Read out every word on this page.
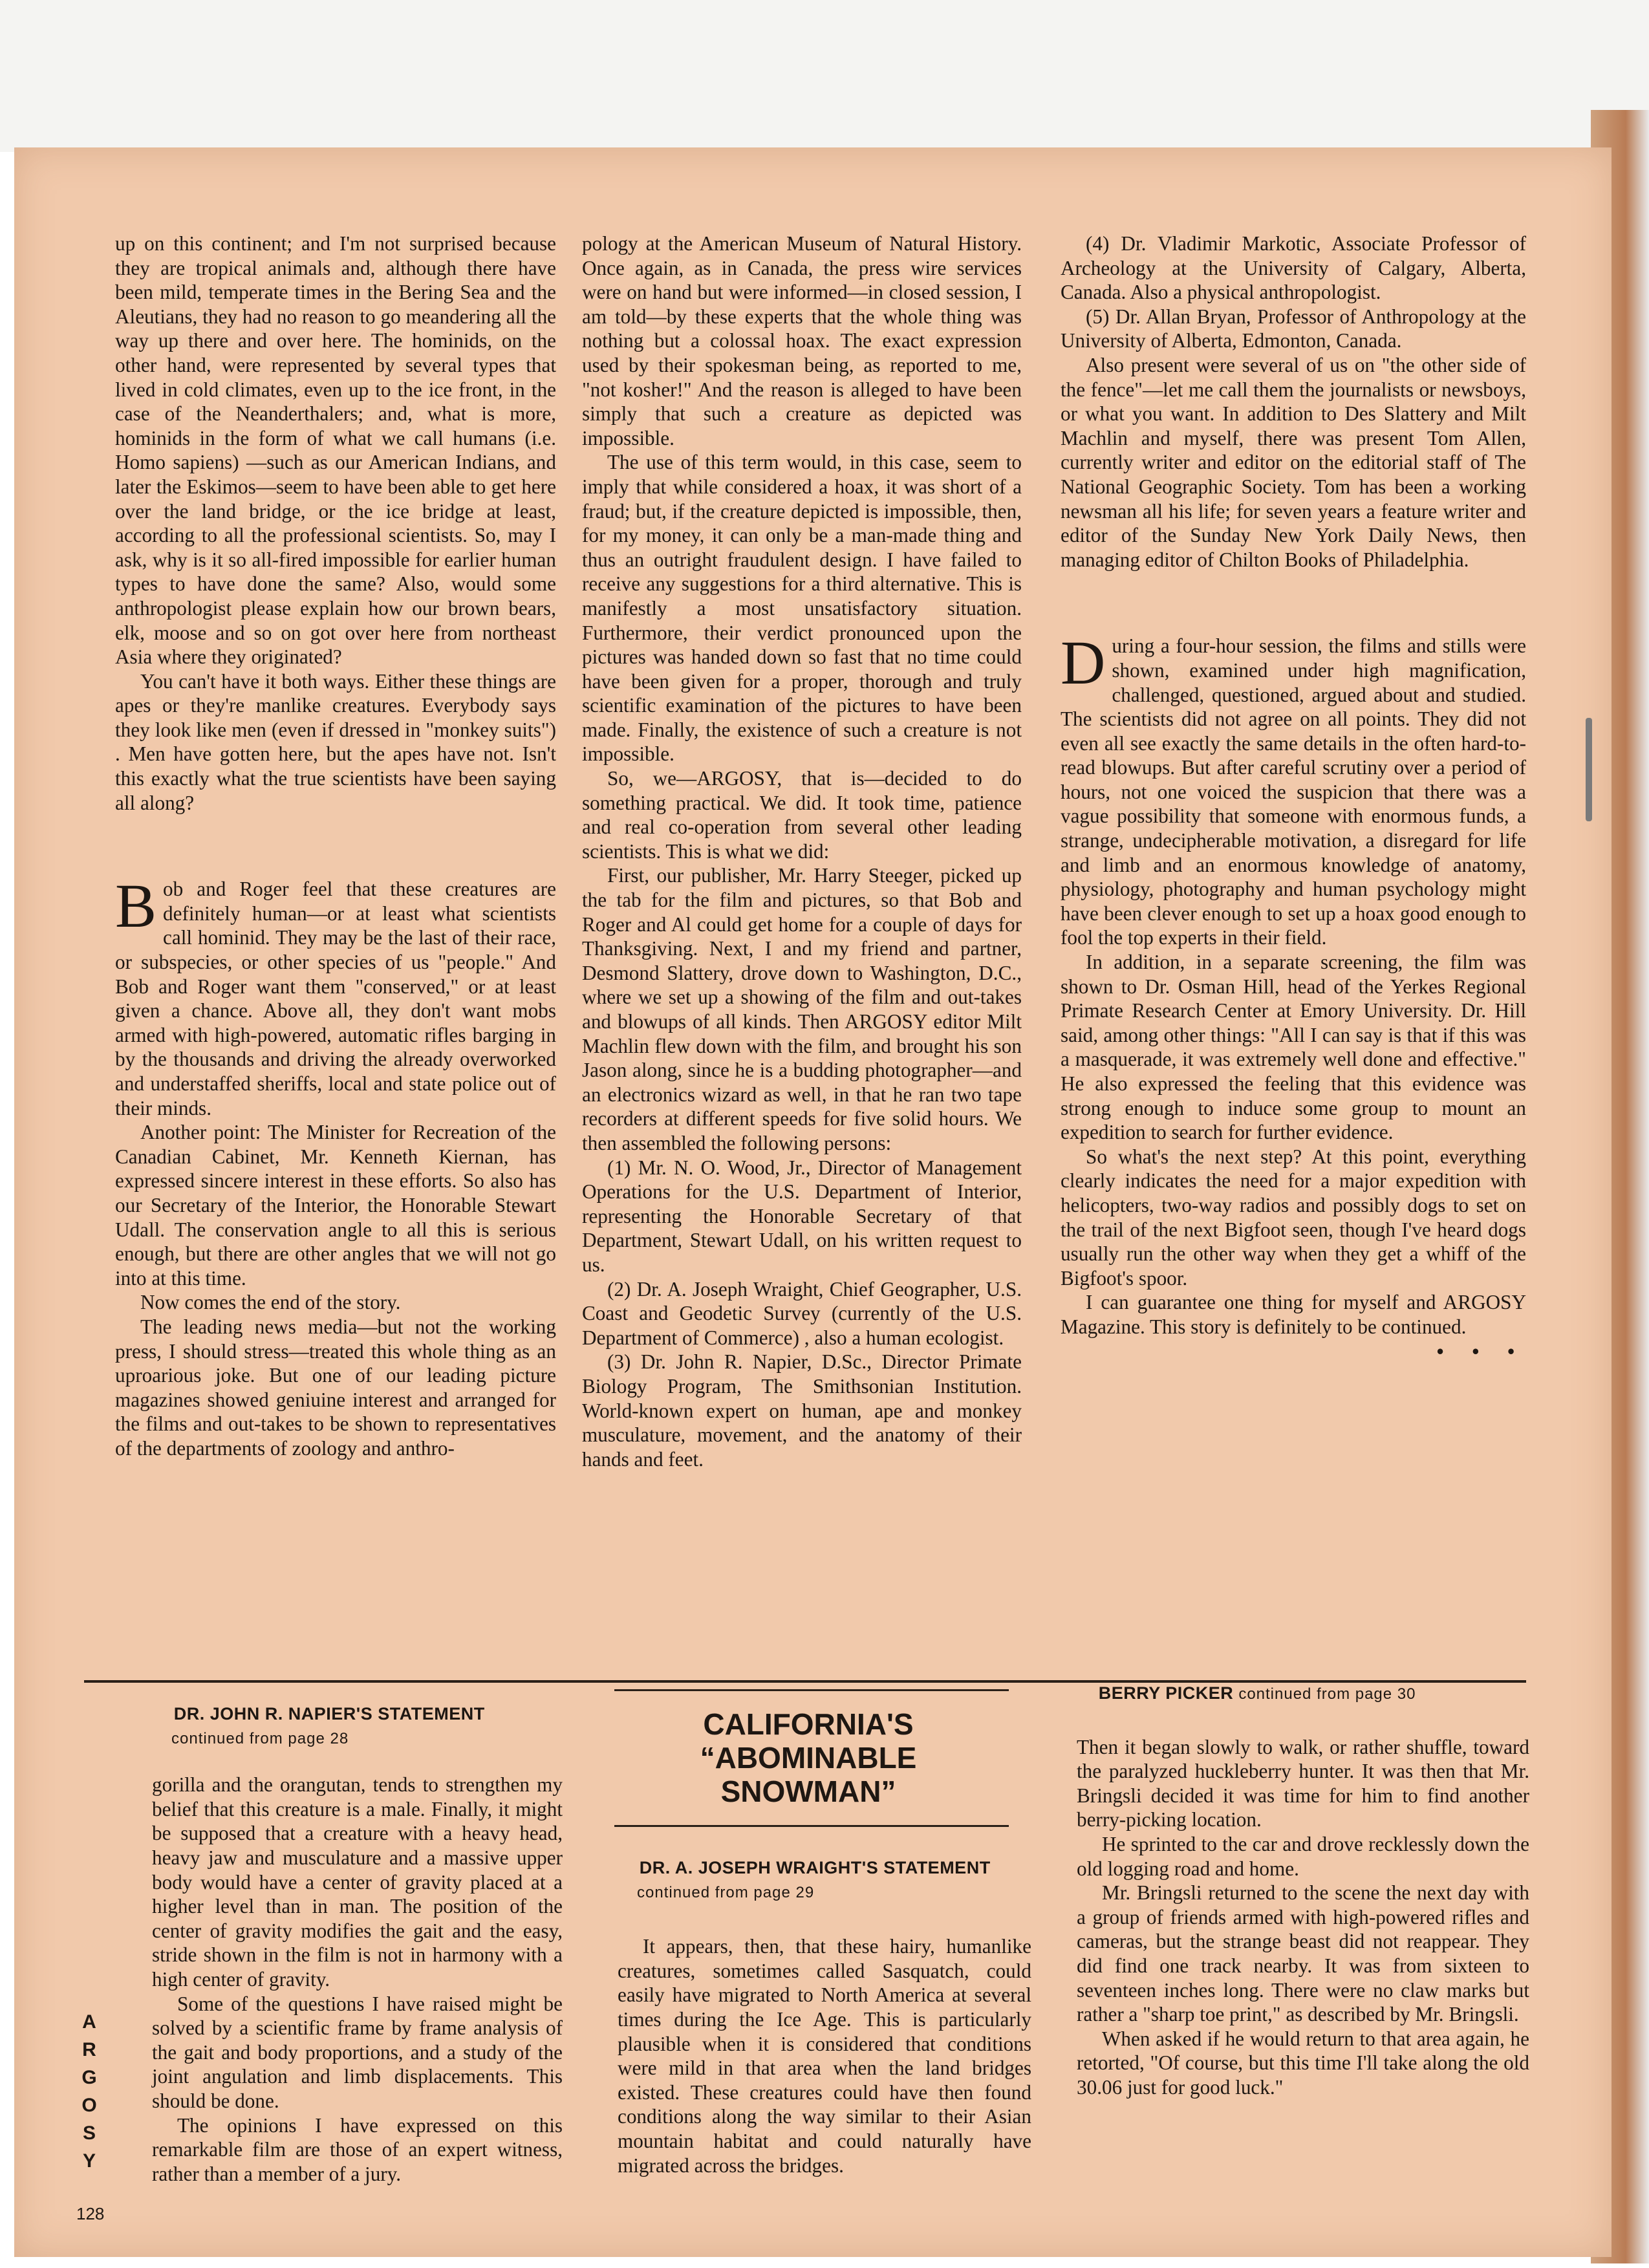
up on this continent; and I'm not surprised because they are tropical animals and, although there have been mild, temperate times in the Bering Sea and the Aleutians, they had no reason to go meandering all the way up there and over here. The hominids, on the other hand, were represented by several types that lived in cold climates, even up to the ice front, in the case of the Neanderthalers; and, what is more, hominids in the form of what we call humans (i.e. Homo sapiens) —such as our American Indians, and later the Eskimos—seem to have been able to get here over the land bridge, or the ice bridge at least, according to all the professional scientists. So, may I ask, why is it so all-fired impossible for earlier human types to have done the same? Also, would some anthropologist please explain how our brown bears, elk, moose and so on got over here from northeast Asia where they originated?

You can't have it both ways. Either these things are apes or they're manlike creatures. Everybody says they look like men (even if dressed in "monkey suits") . Men have gotten here, but the apes have not. Isn't this exactly what the true scientists have been saying all along?

Bob and Roger feel that these creatures are definitely human—or at least what scientists call hominid. They may be the last of their race, or subspecies, or other species of us "people." And Bob and Roger want them "conserved," or at least given a chance. Above all, they don't want mobs armed with high-powered, automatic rifles barging in by the thousands and driving the already overworked and understaffed sheriffs, local and state police out of their minds.

Another point: The Minister for Recreation of the Canadian Cabinet, Mr. Kenneth Kiernan, has expressed sincere interest in these efforts. So also has our Secretary of the Interior, the Honorable Stewart Udall. The conservation angle to all this is serious enough, but there are other angles that we will not go into at this time.

Now comes the end of the story.

The leading news media—but not the working press, I should stress—treated this whole thing as an uproarious joke. But one of our leading picture magazines showed geniuine interest and arranged for the films and out-takes to be shown to representatives of the departments of zoology and anthro-

pology at the American Museum of Natural History. Once again, as in Canada, the press wire services were on hand but were informed—in closed session, I am told—by these experts that the whole thing was nothing but a colossal hoax. The exact expression used by their spokesman being, as reported to me, "not kosher!" And the reason is alleged to have been simply that such a creature as depicted was impossible.

The use of this term would, in this case, seem to imply that while considered a hoax, it was short of a fraud; but, if the creature depicted is impossible, then, for my money, it can only be a man-made thing and thus an outright fraudulent design. I have failed to receive any suggestions for a third alternative. This is manifestly a most unsatisfactory situation. Furthermore, their verdict pronounced upon the pictures was handed down so fast that no time could have been given for a proper, thorough and truly scientific examination of the pictures to have been made. Finally, the existence of such a creature is not impossible.

So, we—ARGOSY, that is—decided to do something practical. We did. It took time, patience and real co-operation from several other leading scientists. This is what we did:

First, our publisher, Mr. Harry Steeger, picked up the tab for the film and pictures, so that Bob and Roger and Al could get home for a couple of days for Thanksgiving. Next, I and my friend and partner, Desmond Slattery, drove down to Washington, D.C., where we set up a showing of the film and out-takes and blowups of all kinds. Then ARGOSY editor Milt Machlin flew down with the film, and brought his son Jason along, since he is a budding photographer—and an electronics wizard as well, in that he ran two tape recorders at different speeds for five solid hours. We then assembled the following persons:

(1) Mr. N. O. Wood, Jr., Director of Management Operations for the U.S. Department of Interior, representing the Honorable Secretary of that Department, Stewart Udall, on his written request to us.

(2) Dr. A. Joseph Wraight, Chief Geographer, U.S. Coast and Geodetic Survey (currently of the U.S. Department of Commerce) , also a human ecologist.

(3) Dr. John R. Napier, D.Sc., Director Primate Biology Program, The Smithsonian Institution. World-known expert on human, ape and monkey musculature, movement, and the anatomy of their hands and feet.

(4) Dr. Vladimir Markotic, Associate Professor of Archeology at the University of Calgary, Alberta, Canada. Also a physical anthropologist.

(5) Dr. Allan Bryan, Professor of Anthropology at the University of Alberta, Edmonton, Canada.

Also present were several of us on "the other side of the fence"—let me call them the journalists or newsboys, or what you want. In addition to Des Slattery and Milt Machlin and myself, there was present Tom Allen, currently writer and editor on the editorial staff of The National Geographic Society. Tom has been a working newsman all his life; for seven years a feature writer and editor of the Sunday New York Daily News, then managing editor of Chilton Books of Philadelphia.

During a four-hour session, the films and stills were shown, examined under high magnification, challenged, questioned, argued about and studied. The scientists did not agree on all points. They did not even all see exactly the same details in the often hard-to-read blowups. But after careful scrutiny over a period of hours, not one voiced the suspicion that there was a vague possibility that someone with enormous funds, a strange, undecipherable motivation, a disregard for life and limb and an enormous knowledge of anatomy, physiology, photography and human psychology might have been clever enough to set up a hoax good enough to fool the top experts in their field.

In addition, in a separate screening, the film was shown to Dr. Osman Hill, head of the Yerkes Regional Primate Research Center at Emory University. Dr. Hill said, among other things: "All I can say is that if this was a masquerade, it was extremely well done and effective." He also expressed the feeling that this evidence was strong enough to induce some group to mount an expedition to search for further evidence.

So what's the next step? At this point, everything clearly indicates the need for a major expedition with helicopters, two-way radios and possibly dogs to set on the trail of the next Bigfoot seen, though I've heard dogs usually run the other way when they get a whiff of the Bigfoot's spoor.

I can guarantee one thing for myself and ARGOSY Magazine. This story is definitely to be continued.
• • •

DR. JOHN R. NAPIER'S STATEMENT

continued from page 28

gorilla and the orangutan, tends to strengthen my belief that this creature is a male. Finally, it might be supposed that a creature with a heavy head, heavy jaw and musculature and a massive upper body would have a center of gravity placed at a higher level than in man. The position of the center of gravity modifies the gait and the easy, stride shown in the film is not in harmony with a high center of gravity.

Some of the questions I have raised might be solved by a scientific frame by frame analysis of the gait and body proportions, and a study of the joint angulation and limb displacements. This should be done.

The opinions I have expressed on this remarkable film are those of an expert witness, rather than a member of a jury.

A
R
G
O
S
Y
128
CALIFORNIA'S
“ABOMINABLE
SNOWMAN”

DR. A. JOSEPH WRAIGHT'S STATEMENT

continued from page 29

It appears, then, that these hairy, humanlike creatures, sometimes called Sasquatch, could easily have migrated to North America at several times during the Ice Age. This is particularly plausible when it is considered that conditions were mild in that area when the land bridges existed. These creatures could have then found conditions along the way similar to their Asian mountain habitat and could naturally have migrated across the bridges.

BERRY PICKER continued from page 30

Then it began slowly to walk, or rather shuffle, toward the paralyzed huckleberry hunter. It was then that Mr. Bringsli decided it was time for him to find another berry-picking location.

He sprinted to the car and drove recklessly down the old logging road and home.

Mr. Bringsli returned to the scene the next day with a group of friends armed with high-powered rifles and cameras, but the strange beast did not reappear. They did find one track nearby. It was from sixteen to seventeen inches long. There were no claw marks but rather a "sharp toe print," as described by Mr. Bringsli.

When asked if he would return to that area again, he retorted, "Of course, but this time I'll take along the old 30.06 just for good luck."
